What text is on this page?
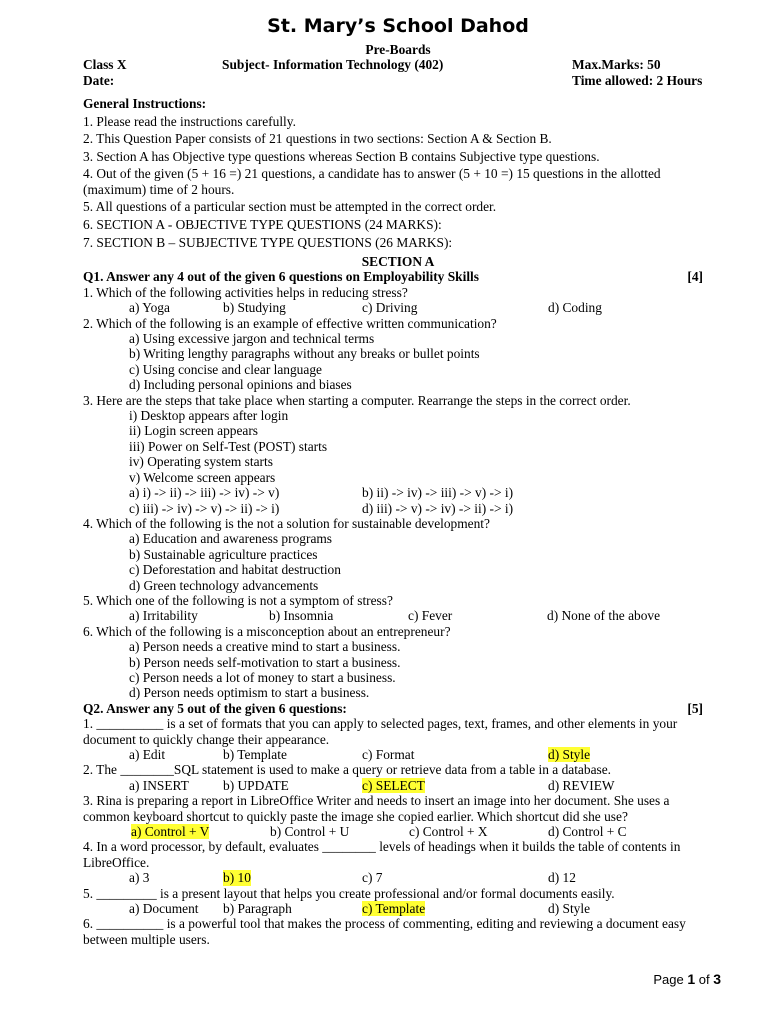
St. Mary’s School Dahod
Pre-Boards
Class X	Subject- Information Technology (402)	Max.Marks: 50
Date:	Time allowed: 2 Hours
General Instructions:
1. Please read the instructions carefully.
2. This Question Paper consists of 21 questions in two sections: Section A & Section B.
3. Section A has Objective type questions whereas Section B contains Subjective type questions.
4. Out of the given (5 + 16 =) 21 questions, a candidate has to answer (5 + 10 =) 15 questions in the allotted (maximum) time of 2 hours.
5. All questions of a particular section must be attempted in the correct order.
6. SECTION A - OBJECTIVE TYPE QUESTIONS (24 MARKS):
7. SECTION B – SUBJECTIVE TYPE QUESTIONS (26 MARKS):
SECTION A
Q1. Answer any 4 out of the given 6 questions on Employability Skills	[4]
1. Which of the following activities helps in reducing stress?
a) Yoga	b) Studying	c) Driving	d) Coding
2. Which of the following is an example of effective written communication?
a) Using excessive jargon and technical terms
b) Writing lengthy paragraphs without any breaks or bullet points
c) Using concise and clear language
d) Including personal opinions and biases
3. Here are the steps that take place when starting a computer. Rearrange the steps in the correct order.
i) Desktop appears after login
ii) Login screen appears
iii) Power on Self-Test (POST) starts
iv) Operating system starts
v) Welcome screen appears
a) i) -> ii) -> iii) -> iv) -> v)	b) ii) -> iv) -> iii) -> v) -> i)
c) iii) -> iv) -> v) -> ii) -> i)	d) iii) -> v) -> iv) -> ii) -> i)
4. Which of the following is the not a solution for sustainable development?
a) Education and awareness programs
b) Sustainable agriculture practices
c) Deforestation and habitat destruction
d) Green technology advancements
5. Which one of the following is not a symptom of stress?
a) Irritability	b) Insomnia	c) Fever	d) None of the above
6. Which of the following is a misconception about an entrepreneur?
a) Person needs a creative mind to start a business.
b) Person needs self-motivation to start a business.
c) Person needs a lot of money to start a business.
d) Person needs optimism to start a business.
Q2. Answer any 5 out of the given 6 questions:	[5]
1. __________ is a set of formats that you can apply to selected pages, text, frames, and other elements in your document to quickly change their appearance.
a) Edit	b) Template	c) Format	d) Style
2. The ________SQL statement is used to make a query or retrieve data from a table in a database.
a) INSERT	b) UPDATE	c) SELECT	d) REVIEW
3. Rina is preparing a report in LibreOffice Writer and needs to insert an image into her document. She uses a common keyboard shortcut to quickly paste the image she copied earlier. Which shortcut did she use?
a) Control + V	b) Control + U	c) Control + X	d) Control + C
4. In a word processor, by default, evaluates ________ levels of headings when it builds the table of contents in LibreOffice.
a) 3	b) 10	c) 7	d) 12
5. _________ is a present layout that helps you create professional and/or formal documents easily.
a) Document	b) Paragraph	c) Template	d) Style
6. __________ is a powerful tool that makes the process of commenting, editing and reviewing a document easy between multiple users.
Page 1 of 3
